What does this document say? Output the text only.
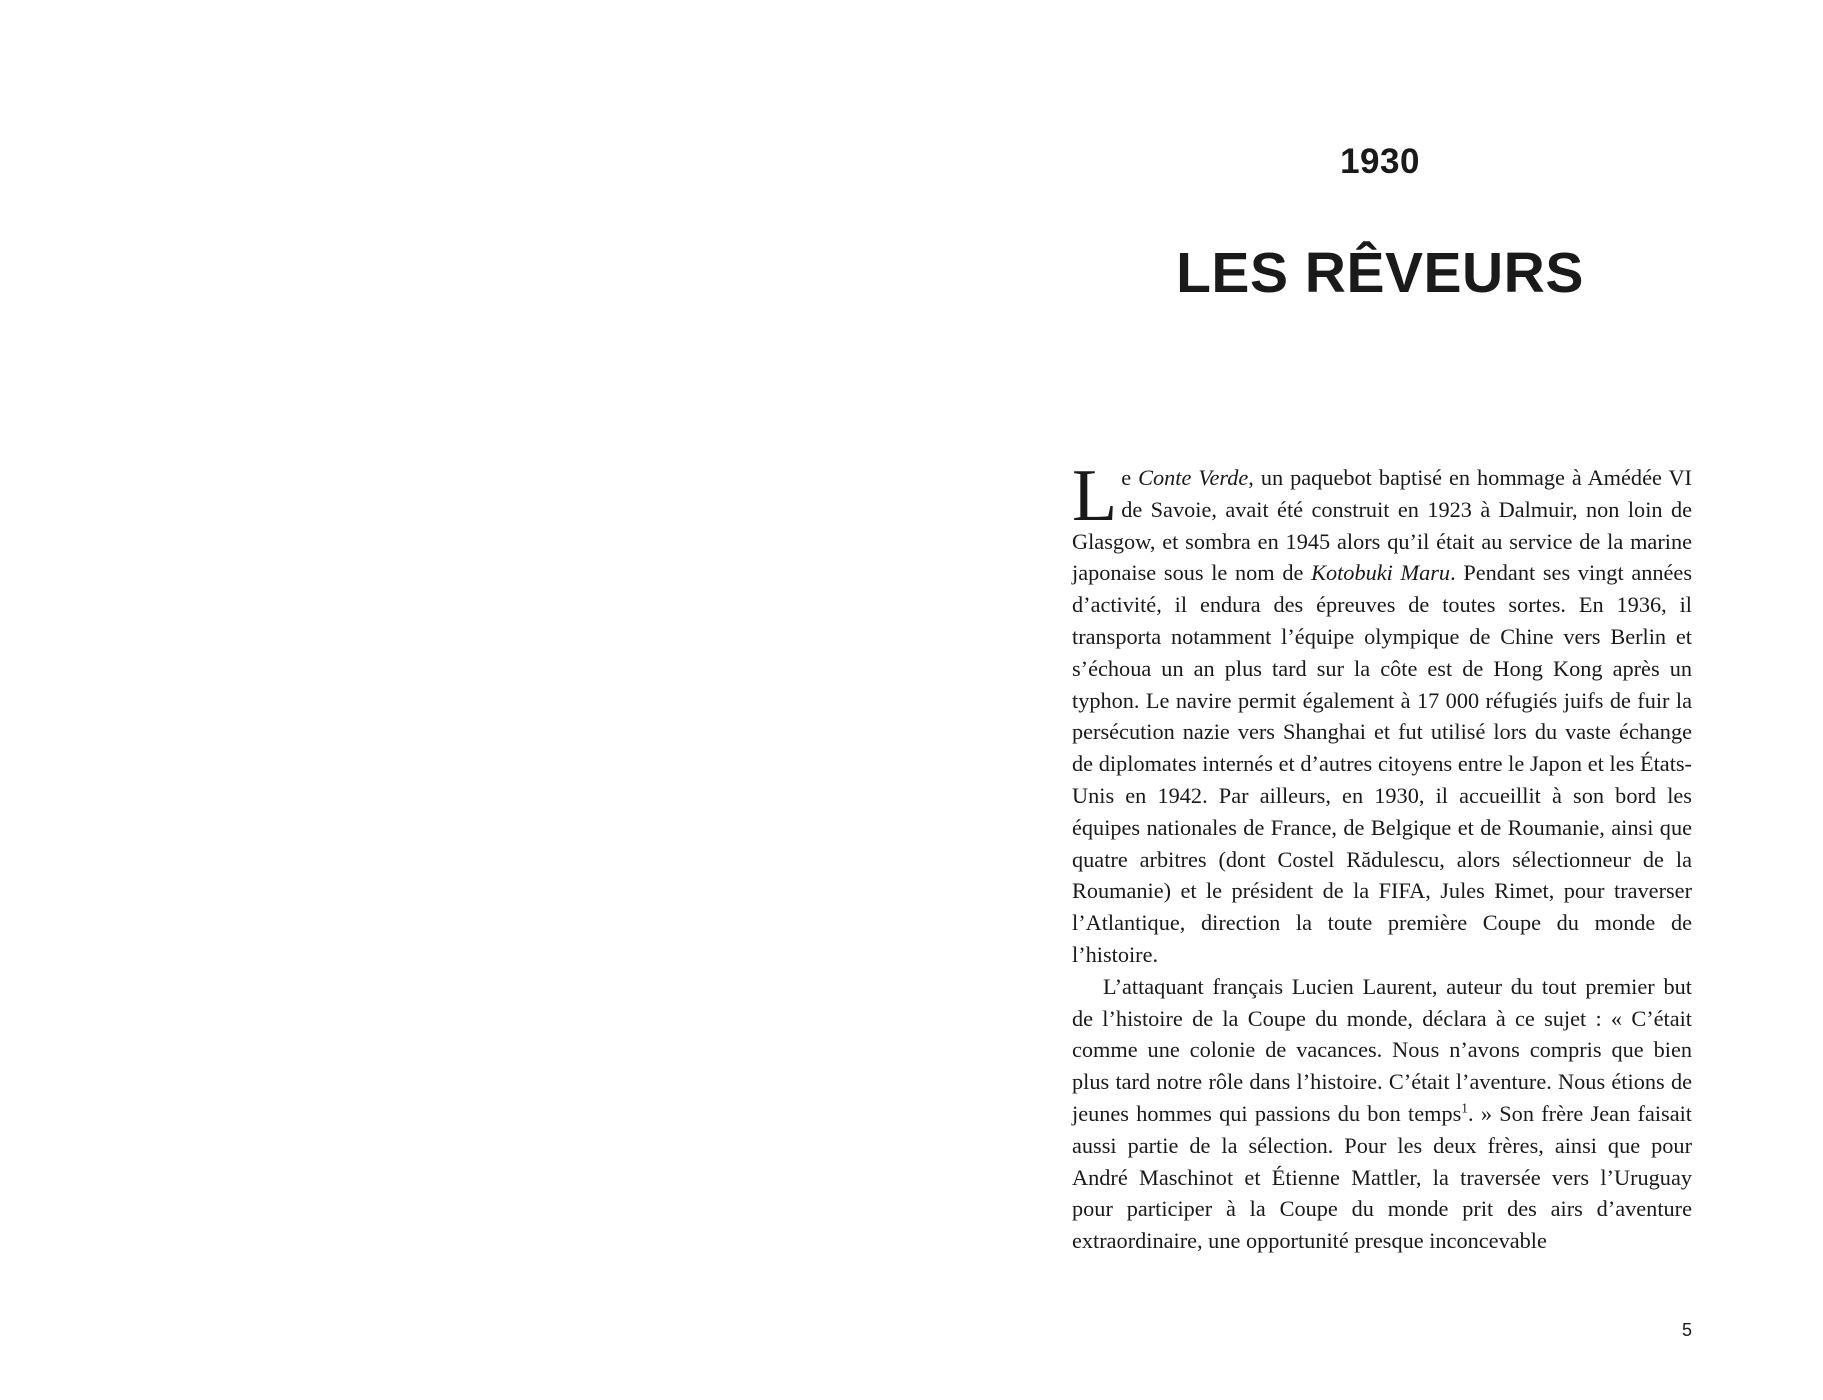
1930
LES RÊVEURS

Le Conte Verde, un paquebot baptisé en hommage à Amédée VI de Savoie, avait été construit en 1923 à Dalmuir, non loin de Glasgow, et sombra en 1945 alors qu’il était au service de la marine japonaise sous le nom de Kotobuki Maru. Pendant ses vingt années d’activité, il endura des épreuves de toutes sortes. En 1936, il transporta notamment l’équipe olympique de Chine vers Berlin et s’échoua un an plus tard sur la côte est de Hong Kong après un typhon. Le navire permit également à 17 000 réfugiés juifs de fuir la persécution nazie vers Shanghai et fut utilisé lors du vaste échange de diplomates internés et d’autres citoyens entre le Japon et les États-Unis en 1942. Par ailleurs, en 1930, il accueillit à son bord les équipes nationales de France, de Belgique et de Roumanie, ainsi que quatre arbitres (dont Costel Rădulescu, alors sélectionneur de la Roumanie) et le président de la FIFA, Jules Rimet, pour traverser l’Atlantique, direction la toute première Coupe du monde de l’histoire.

L’attaquant français Lucien Laurent, auteur du tout premier but de l’histoire de la Coupe du monde, déclara à ce sujet : « C’était comme une colonie de vacances. Nous n’avons compris que bien plus tard notre rôle dans l’histoire. C’était l’aventure. Nous étions de jeunes hommes qui passions du bon temps$^1$. » Son frère Jean faisait aussi partie de la sélection. Pour les deux frères, ainsi que pour André Maschinot et Étienne Mattler, la traversée vers l’Uruguay pour participer à la Coupe du monde prit des airs d’aventure extraordinaire, une opportunité presque inconcevable

5
